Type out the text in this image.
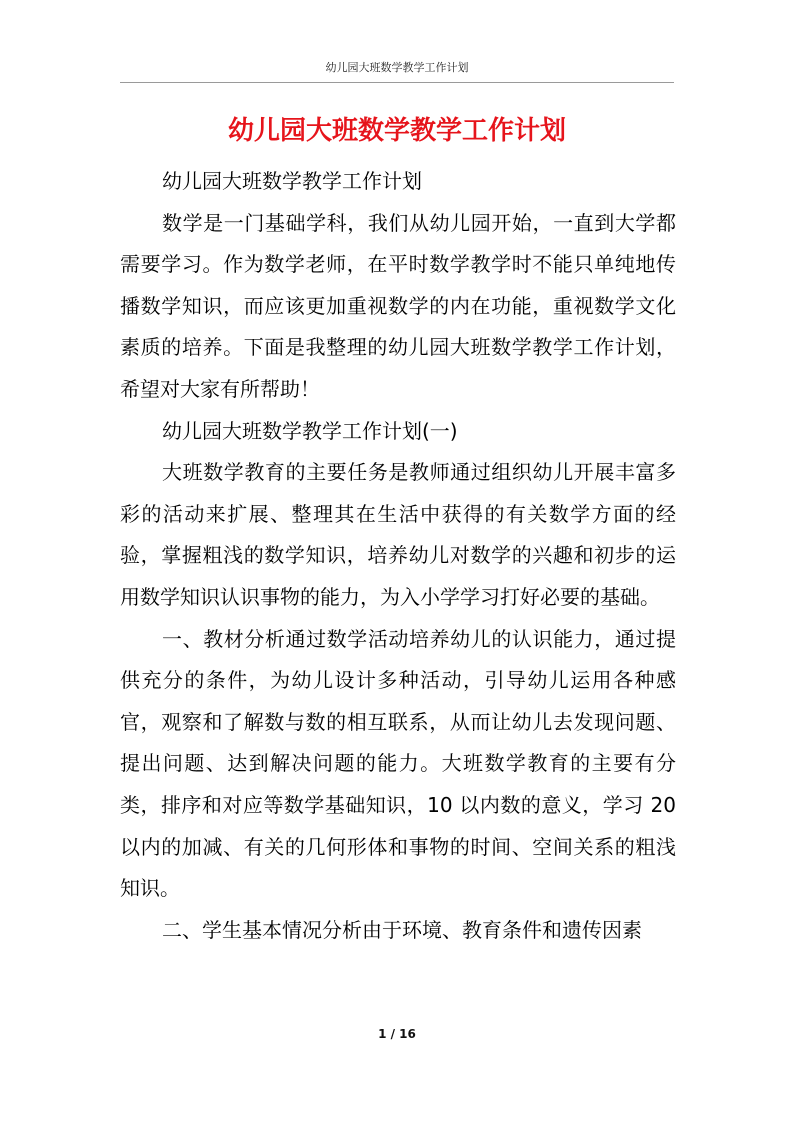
幼儿园大班数学教学工作计划
幼儿园大班数学教学工作计划

幼儿园大班数学教学工作计划

数学是一门基础学科，我们从幼儿园开始，一直到大学都需要学习。作为数学老师，在平时数学教学时不能只单纯地传播数学知识，而应该更加重视数学的内在功能，重视数学文化素质的培养。下面是我整理的幼儿园大班数学教学工作计划，希望对大家有所帮助！

幼儿园大班数学教学工作计划(一)

大班数学教育的主要任务是教师通过组织幼儿开展丰富多彩的活动来扩展、整理其在生活中获得的有关数学方面的经验，掌握粗浅的数学知识，培养幼儿对数学的兴趣和初步的运用数学知识认识事物的能力，为入小学学习打好必要的基础。

一、教材分析通过数学活动培养幼儿的认识能力，通过提供充分的条件，为幼儿设计多种活动，引导幼儿运用各种感官，观察和了解数与数的相互联系，从而让幼儿去发现问题、提出问题、达到解决问题的能力。大班数学教育的主要有分类，排序和对应等数学基础知识，10 以内数的意义，学习 20 以内的加减、有关的几何形体和事物的时间、空间关系的粗浅知识。

二、学生基本情况分析由于环境、教育条件和遗传因素

1 / 16
